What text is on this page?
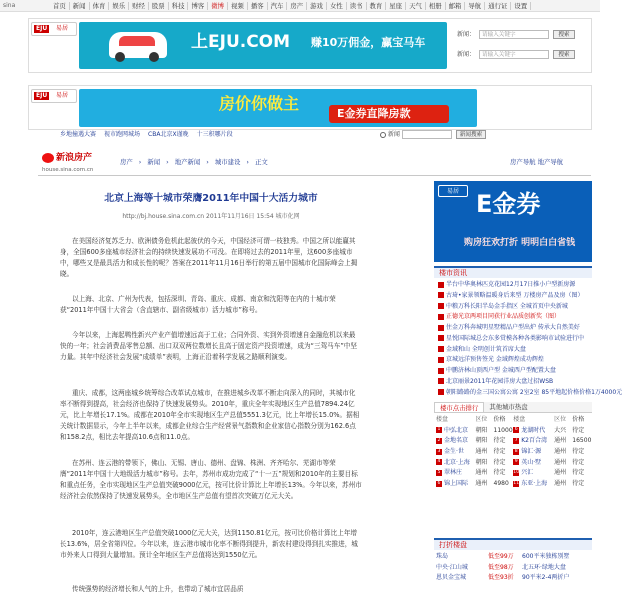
sina	首页	新闻	体育	娱乐	财经	股票	科技	博客	微博	视频	播客	汽车	房产	游戏	女性	读书	教育	星座	天气	相册	邮箱	导航	通行证	设置
EJU	易居
上EJU.COM 赚10万佣金，赢宝马车
新闻：	请输入关键字	搜索
新闻：	请输入关键字	搜索
EJU	易居	房价你做主
E金券直降房款
乡地撞遇大赛	视市跑网城场	CBA北京X谨晚	十三积哪片段	新闻	新闻搜索
新浪房产
house.sina.com.cn
房产 › 新闻 › 地产新闻 › 城市建设 › 正文	房产导航 地产导航
北京上海等十城市荣膺2011年中国十大活力城市
http://bj.house.sina.com.cn 2011年11月16日 15:54 城市化网

在美国经济复苏乏力、欧洲债务危机此起彼伏的今天，中国经济可谓一枝独秀。中国之所以能赢其身，全国600多座城市经济社会的持续快速发展功不可没。在即将过去的2011年里，这600多座城市中，哪些又是最具活力和成长性的呢？答案在2011年11月16日举行的第五届中国城市化国际峰会上揭晓。

以上海、北京、广州为代表，包括深圳、青岛、重庆、成都、南京和沈阳等在内的十城市荣获“2011年中国十大省会（含直辖市、副省级城市）活力城市”称号。

今年以来，上海起鸭性新兴产业产值增速远高于工业；合同外资、实到外资增速自金融危机以来最快的一年；社会消费品零售总额、出口双双两位数增长且高于固定资产投资增速，成为“三驾马车”中坚力量。其年中经济社会发展“成绩单”表明，上海正沿着科学发展之路顺利演变。

重庆、成都，这两座城乡统筹综合改革试点城市，在推进城乡改革不断走向深入的同时，其城市化率不断得到提高，社会经济也保持了快速发展势头。2010年，重庆全年实现地区生产总值7894.24亿元，比上年增长17.1%。成都在2010年全市实现地区生产总值5551.3亿元，比上年增长15.0%。据相关统计数据显示，今年上半年以来，成都企业综合生产经营景气指数和企业家信心指数分别为162.6点和158.2点，相比去年提高10.6点和11.0点。

在苏州、连云港的带领下，佛山、无锡、唐山、德州、盘锦、株洲、齐齐哈尔、芜湖市等荣膺“2011年中国十大地级活力城市”称号。去年，苏州市成功完成了“十一五”规划和2010年的主要目标和重点任务，全市实现地区生产总值突破9000亿元，按可比价计算比上年增长13%。今年以来，苏州市经济社会依然保持了快速发展势头，全市地区生产总值有望首次突破万亿元大关。

2010年，连云港地区生产总值突破1000亿元大关，达到1150.81亿元，按可比价格计算比上年增长13.6%，居全省第四位。今年以来，连云港市城市化率不断得到提升，新农村建设得到扎实推进，城市外来人口得到大量增加。预计全年地区生产总值将达到1550亿元。

传统强势的经济增长和人气的上升，也带动了城市宜居品质

易居 E金券
购房狂欢打折 明明白白省钱
楼市资讯
半台中华奥林匹克花园12月17日推小户型新房源
古琦•家景领略温暖身后来型 万楼房产品及房（图）
中粮万科长阳半岛金手指区 全城首页中央新城
正德光京两项目同获行业品质创新奖（图）
住金万科奔城明星墅精品户型出炉 传承大自然美好
星悦国际城总会东多赏模各种各类影响市试验进行中
金域和山 全明创计筑首席大盘
京城远洋预售签光 金域辉煌成功辉煌
中鹏济林山顶西户型 金城西户型配置大盘
北京丽景2011年花园洋房大盘过招WSB
朝阳路路的金三国公寓公寓 2室2室 85平地起价格价格1万4000元
楼市点击排行	其他城市热盘
楼盘	区位	价格	楼盘	区位	价格
1 中弘北京	朝阳	11000 6 龙湖时代	大兴	待定
2 金地名京	朝阳	待定	7 K2百合湾	通州	16500
3 金生·世	通州	待定	8 锦汇·源	通州	待定
4 北京·上海 朝阳	待定	9 英山·墅	通州	待定
5 翠林庄	通州	待定	10 兴汇	通州	待定
6 锦上国际	通州	4980 11 东亚·上海	通州	待定
打折楼盘
珠岛	低至99万	600平米独栋别墅
中央·江山城	低至98万	北五环·绿地大盘
恩贝金宝城	低至93折	90平米2-4两折户
